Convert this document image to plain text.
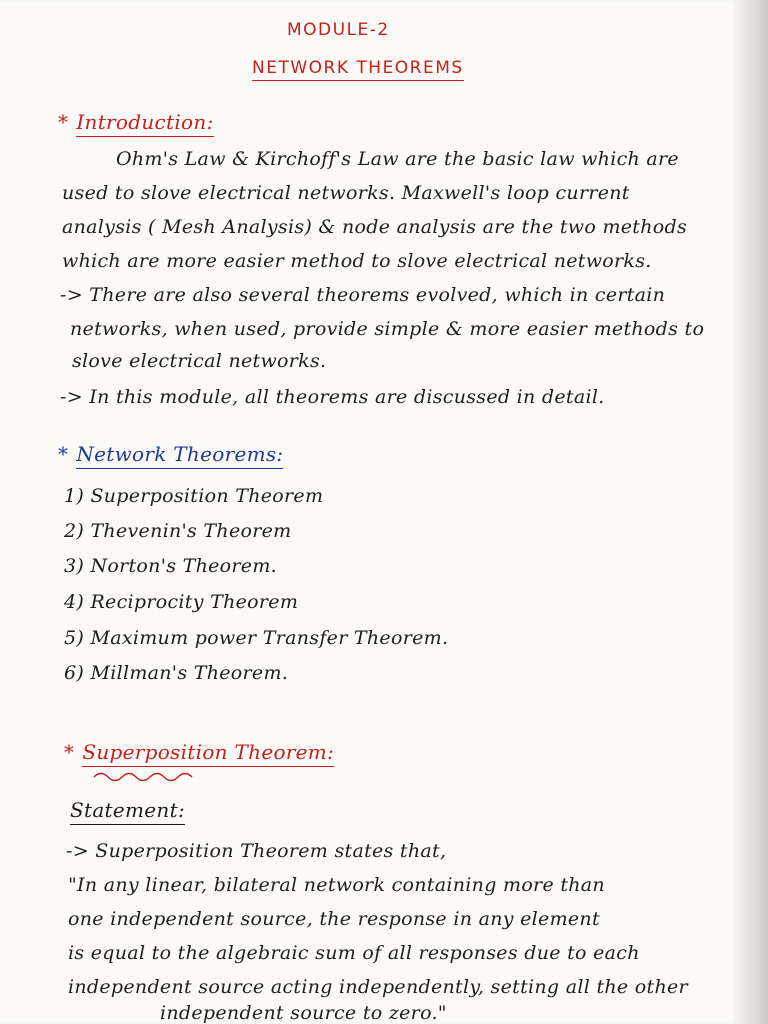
MODULE-2
NETWORK THEOREMS
* Introduction:
Ohm's Law & Kirchoff's Law are the basic law which are
used to slove electrical networks. Maxwell's loop current
analysis ( Mesh Analysis) & node analysis are the two methods
which are more easier method to slove electrical networks.
-> There are also several theorems evolved, which in certain
networks, when used, provide simple & more easier methods to
slove electrical networks.
-> In this module, all theorems are discussed in detail.
* Network Theorems:
1) Superposition Theorem
2) Thevenin's Theorem
3) Norton's Theorem.
4) Reciprocity Theorem
5) Maximum power Transfer Theorem.
6) Millman's Theorem.
* Superposition Theorem:
Statement:
-> Superposition Theorem states that,
"In any linear, bilateral network containing more than
one independent source, the response in any element
is equal to the algebraic sum of all responses due to each
independent source acting independently, setting all the other
independent source to zero."
